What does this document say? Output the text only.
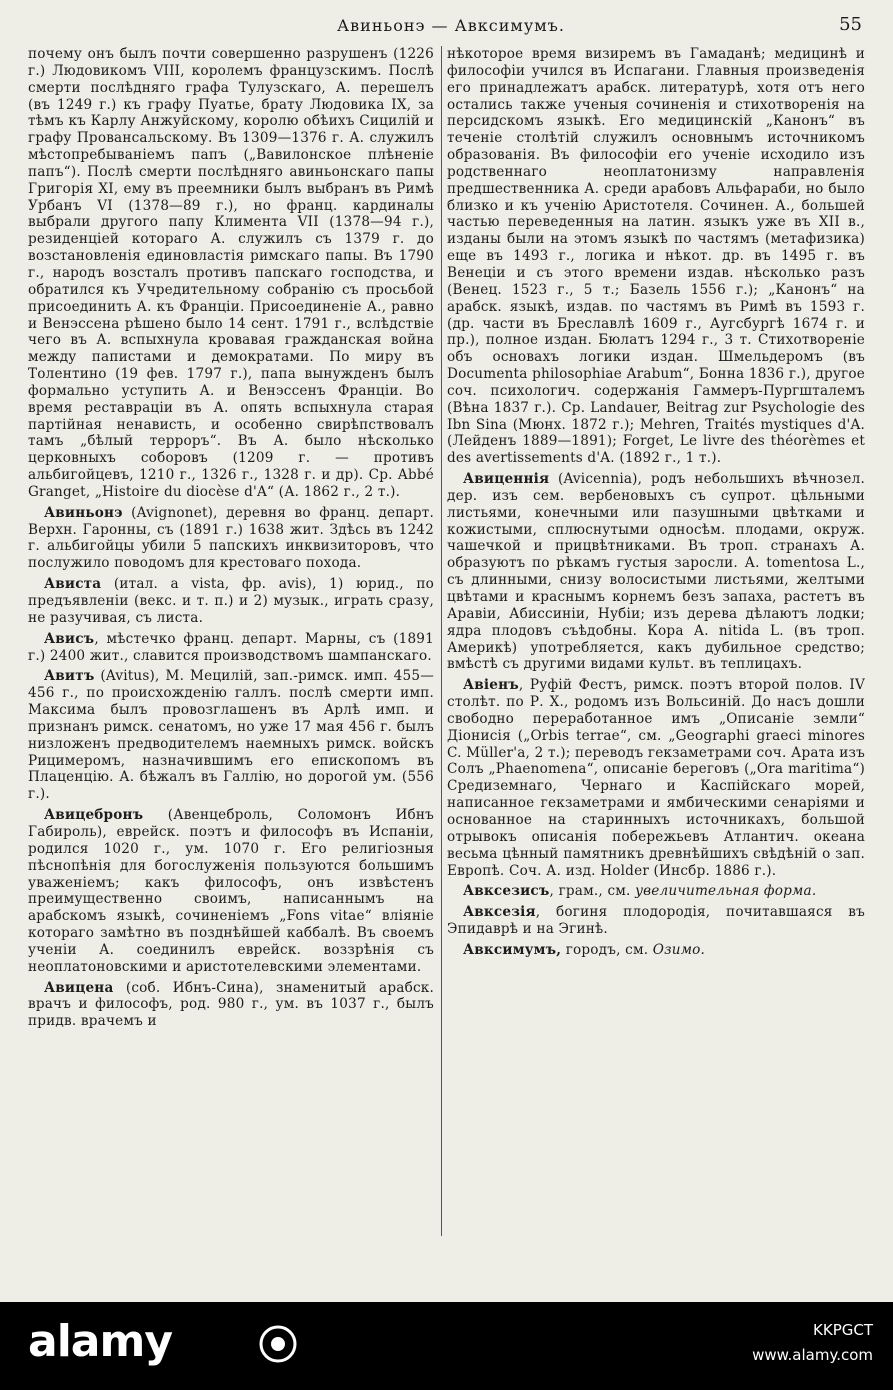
Авиньонэ — Авксимумъ.	55

почему онъ былъ почти совершенно разрушенъ (1226 г.) Людовикомъ VIII, королемъ французскимъ. Послѣ смерти послѣдняго графа Тулузскаго, А. перешелъ (въ 1249 г.) къ графу Пуатье, брату Людовика IX, за тѣмъ къ Карлу Анжуйскому, королю обѣихъ Сицилій и графу Провансальскому. Въ 1309—1376 г. А. служилъ мѣстопребываніемъ папъ („Вавилонское плѣненіе папъ“). Послѣ смерти послѣдняго авиньонскаго папы Григорія XI, ему въ преемники былъ выбранъ въ Римѣ Урбанъ VI (1378—89 г.), но франц. кардиналы выбрали другого папу Климента VII (1378—94 г.), резиденціей котораго А. служилъ съ 1379 г. до возстановленія единовластія римскаго папы. Въ 1790 г., народъ возсталъ противъ папскаго господства, и обратился къ Учредительному собранію съ просьбой присоединить А. къ Франціи. Присоединеніе А., равно и Венэссена рѣшено было 14 сент. 1791 г., вслѣдствіе чего въ А. вспыхнула кровавая гражданская война между папистами и демократами. По миру въ Толентино (19 фев. 1797 г.), папа вынужденъ былъ формально уступить А. и Венэссенъ Франціи. Во время реставраціи въ А. опять вспыхнула старая партійная ненависть, и особенно свирѣпствовалъ тамъ „бѣлый терроръ“. Въ А. было нѣсколько церковныхъ соборовъ (1209 г. — противъ альбигойцевъ, 1210 г., 1326 г., 1328 г. и др). Ср. Abbé Granget, „Histoire du diocèse d'A“ (А. 1862 г., 2 т.).

Авиньонэ (Avignonet), деревня во франц. департ. Верхн. Гаронны, съ (1891 г.) 1638 жит. Здѣсь въ 1242 г. альбигойцы убили 5 папскихъ инквизиторовъ, что послужило поводомъ для крестоваго похода.

Ависта (итал. a vista, фр. avis), 1) юрид., по предъявленіи (векс. и т. п.) и 2) музык., играть сразу, не разучивая, съ листа.

Ависъ, мѣстечко франц. департ. Марны, съ (1891 г.) 2400 жит., славится производствомъ шампанскаго.

Авитъ (Avitus), М. Мецилій, зап.-римск. имп. 455—456 г., по происхожденію галлъ. послѣ смерти имп. Максима былъ провозглашенъ въ Арлѣ имп. и признанъ римск. сенатомъ, но уже 17 мая 456 г. былъ низложенъ предводителемъ наемныхъ римск. войскъ Рицимеромъ, назначившимъ его епископомъ въ Плаценцію. А. бѣжалъ въ Галлію, но дорогой ум. (556 г.).

Авицебронъ (Авенцеброль, Соломонъ Ибнъ Габироль), еврейск. поэтъ и философъ въ Испаніи, родился 1020 г., ум. 1070 г. Его религіозныя пѣснопѣнія для богослуженія пользуются большимъ уваженіемъ; какъ философъ, онъ извѣстенъ преимущественно своимъ, написаннымъ на арабскомъ языкѣ, сочиненіемъ „Fons vitae“ вліяніе котораго замѣтно въ позднѣйшей каббалѣ. Въ своемъ ученіи А. соединилъ еврейск. воззрѣнія съ неоплатоновскими и аристотелевскими элементами.

Авицена (соб. Ибнъ-Сина), знаменитый арабск. врачъ и философъ, род. 980 г., ум. въ 1037 г., былъ придв. врачемъ и

нѣкоторое время визиремъ въ Гамаданѣ; медицинѣ и философіи учился въ Испагани. Главныя произведенія его принадлежатъ арабск. литературѣ, хотя отъ него остались также ученыя сочиненія и стихотворенія на персидскомъ языкѣ. Его медицинскій „Канонъ“ въ теченіе столѣтій служилъ основнымъ источникомъ образованія. Въ философіи его ученіе исходило изъ родственнаго неоплатонизму направленія предшественника А. среди арабовъ Альфараби, но было близко и къ ученію Аристотеля. Сочинен. А., большей частью переведенныя на латин. языкъ уже въ XII в., изданы были на этомъ языкѣ по частямъ (метафизика) еще въ 1493 г., логика и нѣкот. др. въ 1495 г. въ Венеціи и съ этого времени издав. нѣсколько разъ (Венец. 1523 г., 5 т.; Базель 1556 г.); „Канонъ“ на арабск. языкѣ, издав. по частямъ въ Римѣ въ 1593 г. (др. части въ Бреславлѣ 1609 г., Аугсбургѣ 1674 г. и пр.), полное издан. Бюлатъ 1294 г., 3 т. Стихотвореніе объ основахъ логики издан. Шмельдеромъ (въ Documenta philosophiae Arabum“, Бонна 1836 г.), другое соч. психологич. содержанія Гаммеръ-Пургшталемъ (Вѣна 1837 г.). Ср. Landauer, Beitrag zur Psychologie des Ibn Sina (Мюнх. 1872 г.); Mehren, Traités mystiques d'A. (Лейденъ 1889—1891); Forget, Le livre des théorèmes et des avertissements d'A. (1892 г., 1 т.).

Авиценнія (Avicennia), родъ небольшихъ вѣчнозел. дер. изъ сем. вербеновыхъ съ супрот. цѣльными листьями, конечными или пазушными цвѣтками и кожистыми, сплюснутыми односѣм. плодами, окруж. чашечкой и прицвѣтниками. Въ троп. странахъ А. образуютъ по рѣкамъ густыя заросли. А. tomentosa L., съ длинными, снизу волосистыми листьями, желтыми цвѣтами и краснымъ корнемъ безъ запаха, растетъ въ Аравіи, Абиссиніи, Нубіи; изъ дерева дѣлаютъ лодки; ядра плодовъ съѣдобны. Кора А. nitida L. (въ троп. Америкѣ) употребляется, какъ дубильное средство; вмѣстѣ съ другими видами культ. въ теплицахъ.

Авіенъ, Руфій Фестъ, римск. поэтъ второй полов. IV столѣт. по Р. Х., родомъ изъ Вольсиній. До насъ дошли свободно переработанное имъ „Описаніе земли“ Діонисія („Orbis terrae“, см. „Geographi graeci minores C. Müller'a, 2 т.); переводъ гекзаметрами соч. Арата изъ Солъ „Phaenomena“, описаніе береговъ („Ora maritima“) Средиземнаго, Чернаго и Каспійскаго морей, написанное гекзаметрами и ямбическими сенаріями и основанное на старинныхъ источникахъ, большой отрывокъ описанія побережьевъ Атлантич. океана весьма цѣнный памятникъ древнѣйшихъ свѣдѣній о зап. Европѣ. Соч. А. изд. Holder (Инсбр. 1886 г.).

Авксезисъ, грам., см. увеличительная форма.

Авксезія, богиня плодородія, почитавшаяся въ Эпидаврѣ и на Эгинѣ.

Авксимумъ, городъ, см. Озимо.

alamy	KKPGCT
www.alamy.com
